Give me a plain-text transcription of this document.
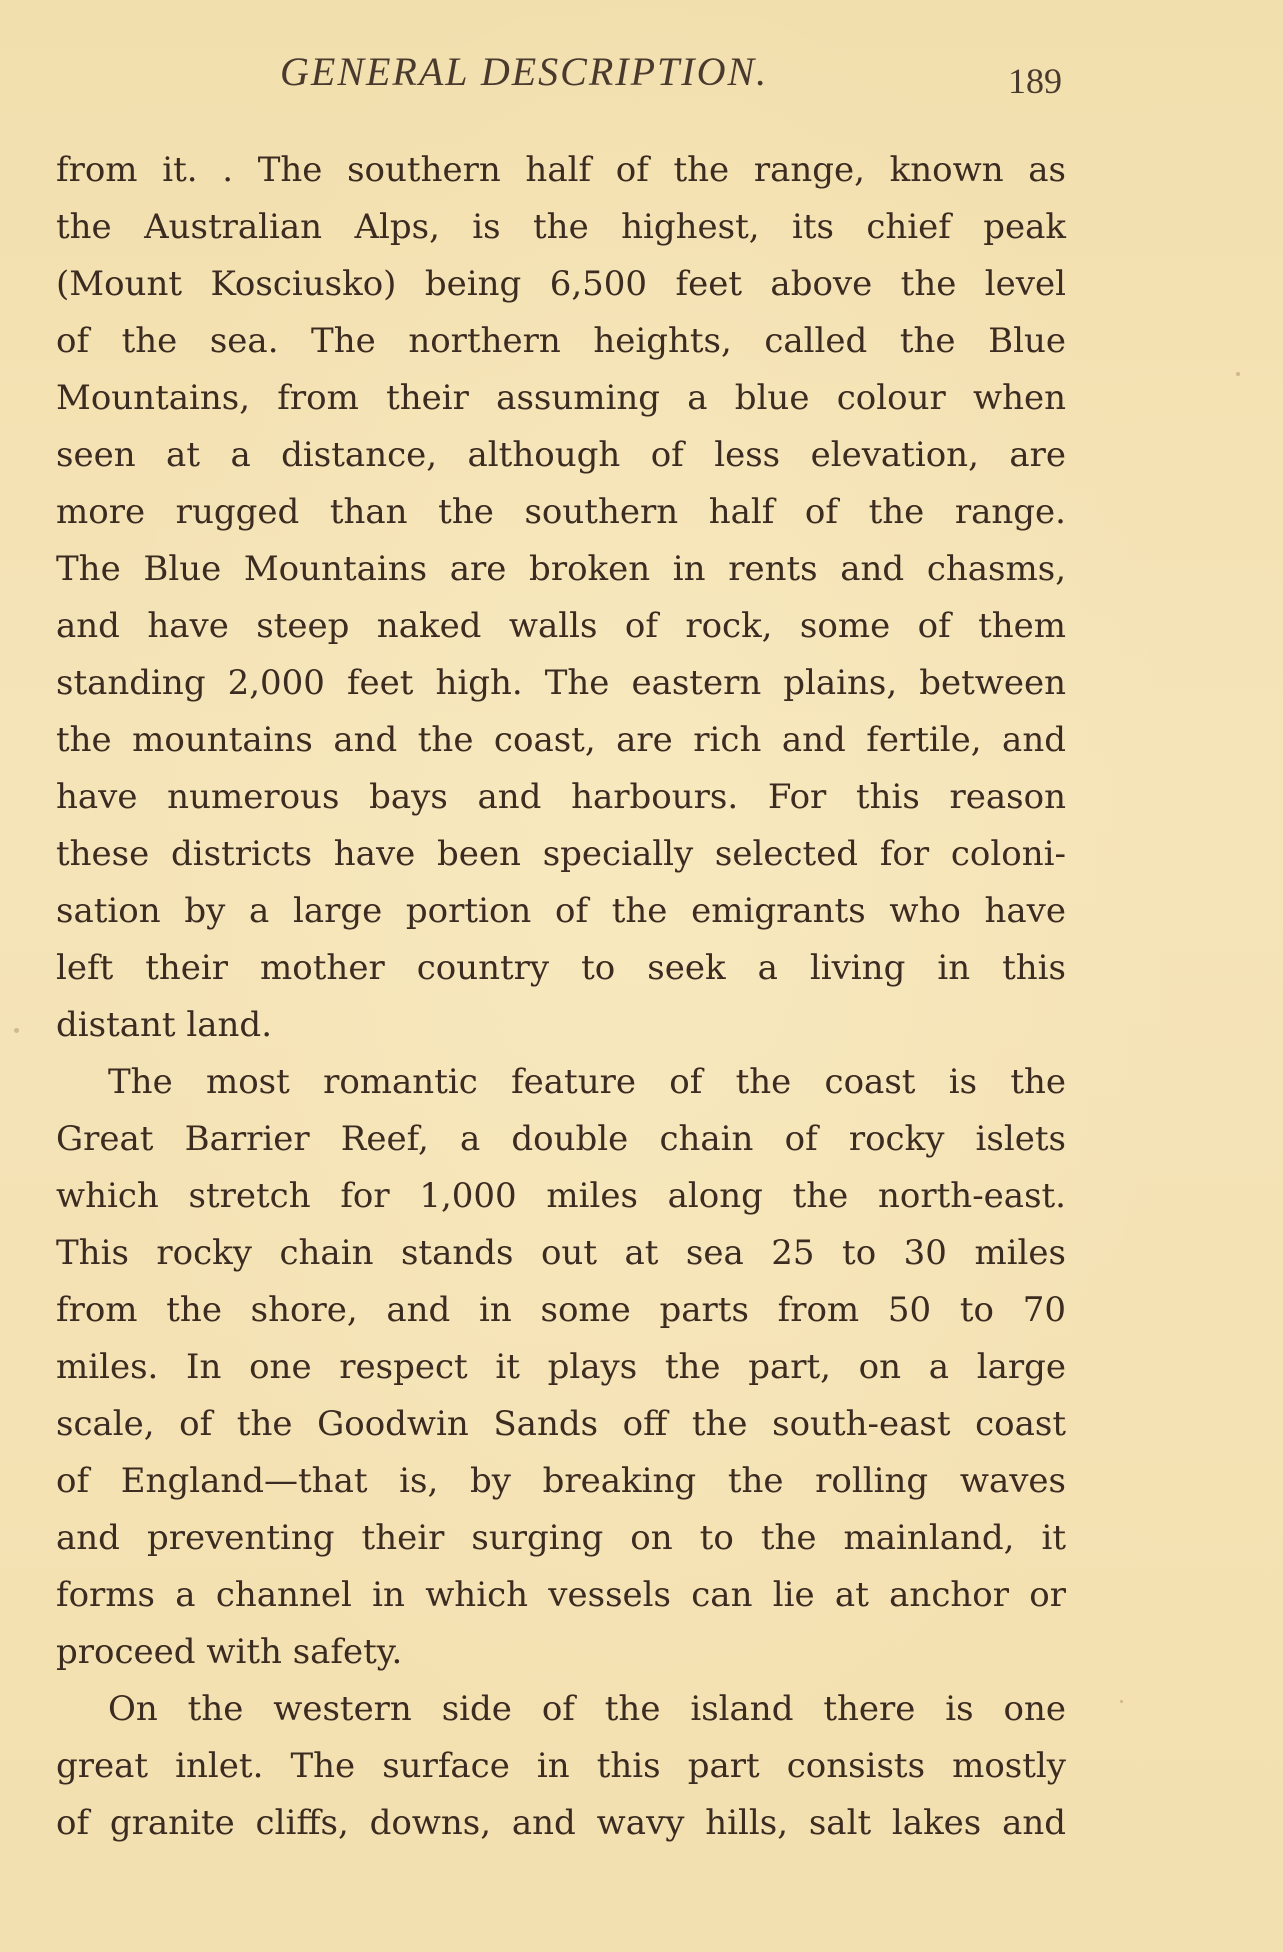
GENERAL DESCRIPTION.	189
from it. . The southern half of the range, known as
the Australian Alps, is the highest, its chief peak
(Mount Kosciusko) being 6,500 feet above the level
of the sea. The northern heights, called the Blue
Mountains, from their assuming a blue colour when
seen at a distance, although of less elevation, are
more rugged than the southern half of the range.
The Blue Mountains are broken in rents and chasms,
and have steep naked walls of rock, some of them
standing 2,000 feet high. The eastern plains, between
the mountains and the coast, are rich and fertile, and
have numerous bays and harbours. For this reason
these districts have been specially selected for coloni-
sation by a large portion of the emigrants who have
left their mother country to seek a living in this
distant land.
The most romantic feature of the coast is the
Great Barrier Reef, a double chain of rocky islets
which stretch for 1,000 miles along the north-east.
This rocky chain stands out at sea 25 to 30 miles
from the shore, and in some parts from 50 to 70
miles. In one respect it plays the part, on a large
scale, of the Goodwin Sands off the south-east coast
of England—that is, by breaking the rolling waves
and preventing their surging on to the mainland, it
forms a channel in which vessels can lie at anchor or
proceed with safety.
On the western side of the island there is one
great inlet. The surface in this part consists mostly
of granite cliffs, downs, and wavy hills, salt lakes and
